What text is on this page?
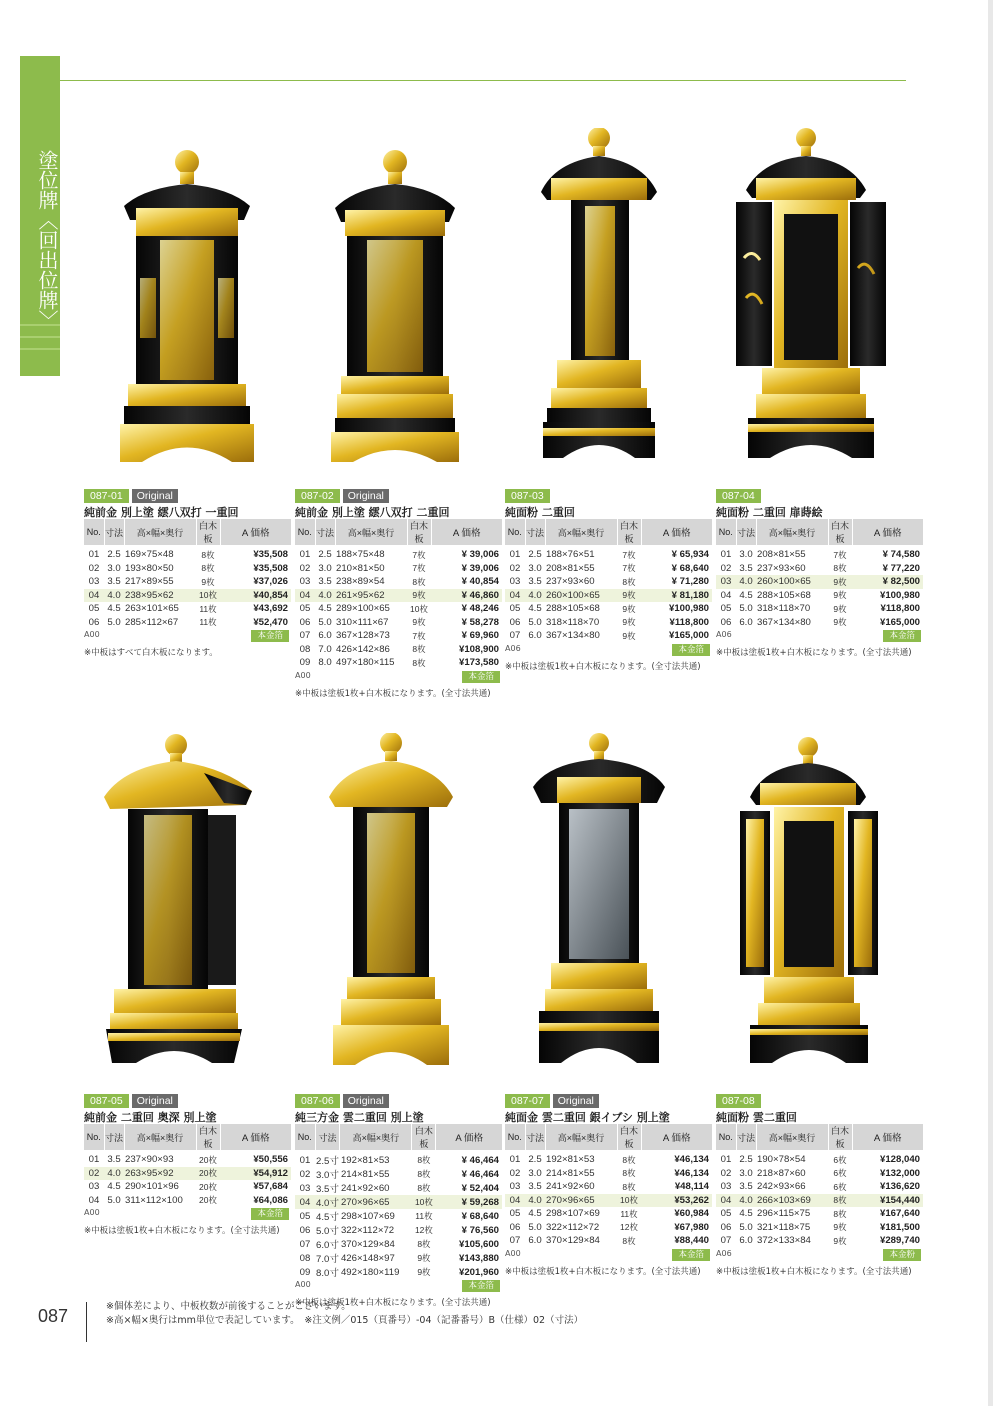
塗位牌〈回出位牌〉
087-01	Original
純前金 別上塗 繧八双打 一重回
No.	寸法	高×幅×奥行	白木板	A 価格
01	2.5	169×75×48	8枚	¥35,508
02	3.0	193×80×50	8枚	¥35,508
03	3.5	217×89×55	9枚	¥37,026
04	4.0	238×95×62	10枚	¥40,854
05	4.5	263×101×65	11枚	¥43,692
06	5.0	285×112×67	11枚	¥52,470
A00	本金箔
※中板はすべて白木板になります。
087-02	Original
純前金 別上塗 繧八双打 二重回
No.	寸法	高×幅×奥行	白木板	A 価格
01	2.5	188×75×48	7枚	¥ 39,006
02	3.0	210×81×50	7枚	¥ 39,006
03	3.5	238×89×54	8枚	¥ 40,854
04	4.0	261×95×62	9枚	¥ 46,860
05	4.5	289×100×65	10枚	¥ 48,246
06	5.0	310×111×67	9枚	¥ 58,278
07	6.0	367×128×73	7枚	¥ 69,960
08	7.0	426×142×86	8枚	¥108,900
09	8.0	497×180×115	8枚	¥173,580
A00	本金箔
※中板は塗板1枚+白木板になります。(全寸法共通)
087-03
純面粉 二重回
No.	寸法	高×幅×奥行	白木板	A 価格
01	2.5	188×76×51	7枚	¥ 65,934
02	3.0	208×81×55	7枚	¥ 68,640
03	3.5	237×93×60	8枚	¥ 71,280
04	4.0	260×100×65	9枚	¥ 81,180
05	4.5	288×105×68	9枚	¥100,980
06	5.0	318×118×70	9枚	¥118,800
07	6.0	367×134×80	9枚	¥165,000
A06	本金箔
※中板は塗板1枚+白木板になります。(全寸法共通)
087-04
純面粉 二重回 扉蒔絵
No.	寸法	高×幅×奥行	白木板	A 価格
01	3.0	208×81×55	7枚	¥ 74,580
02	3.5	237×93×60	8枚	¥ 77,220
03	4.0	260×100×65	9枚	¥ 82,500
04	4.5	288×105×68	9枚	¥100,980
05	5.0	318×118×70	9枚	¥118,800
06	6.0	367×134×80	9枚	¥165,000
A06	本金箔
※中板は塗板1枚+白木板になります。(全寸法共通)
087-05	Original
純前金 二重回 奥深 別上塗
No.	寸法	高×幅×奥行	白木板	A 価格
01	3.5	237×90×93	20枚	¥50,556
02	4.0	263×95×92	20枚	¥54,912
03	4.5	290×101×96	20枚	¥57,684
04	5.0	311×112×100	20枚	¥64,086
A00	本金箔
※中板は塗板1枚+白木板になります。(全寸法共通)
087-06	Original
純三方金 雲二重回 別上塗
No.	寸法	高×幅×奥行	白木板	A 価格
01	2.5寸	192×81×53	8枚	¥ 46,464
02	3.0寸	214×81×55	8枚	¥ 46,464
03	3.5寸	241×92×60	8枚	¥ 52,404
04	4.0寸	270×96×65	10枚	¥ 59,268
05	4.5寸	298×107×69	11枚	¥ 68,640
06	5.0寸	322×112×72	12枚	¥ 76,560
07	6.0寸	370×129×84	8枚	¥105,600
08	7.0寸	426×148×97	9枚	¥143,880
09	8.0寸	492×180×119	9枚	¥201,960
A00	本金箔
※中板は塗板1枚+白木板になります。(全寸法共通)
087-07	Original
純面金 雲二重回 銀イブシ 別上塗
No.	寸法	高×幅×奥行	白木板	A 価格
01	2.5	192×81×53	8枚	¥46,134
02	3.0	214×81×55	8枚	¥46,134
03	3.5	241×92×60	8枚	¥48,114
04	4.0	270×96×65	10枚	¥53,262
05	4.5	298×107×69	11枚	¥60,984
06	5.0	322×112×72	12枚	¥67,980
07	6.0	370×129×84	8枚	¥88,440
A00	本金箔
※中板は塗板1枚+白木板になります。(全寸法共通)
087-08
純面粉 雲二重回
No.	寸法	高×幅×奥行	白木板	A 価格
01	2.5	190×78×54	6枚	¥128,040
02	3.0	218×87×60	6枚	¥132,000
03	3.5	242×93×66	6枚	¥136,620
04	4.0	266×103×69	8枚	¥154,440
05	4.5	296×115×75	8枚	¥167,640
06	5.0	321×118×75	9枚	¥181,500
07	6.0	372×133×84	9枚	¥289,740
A06	本金粉
※中板は塗板1枚+白木板になります。(全寸法共通)
087	※個体差により、中板枚数が前後することがございます。
※高×幅×奥行はmm単位で表記しています。　※注文例／015（頁番号）-04（記番番号）B（仕様）02（寸法）
